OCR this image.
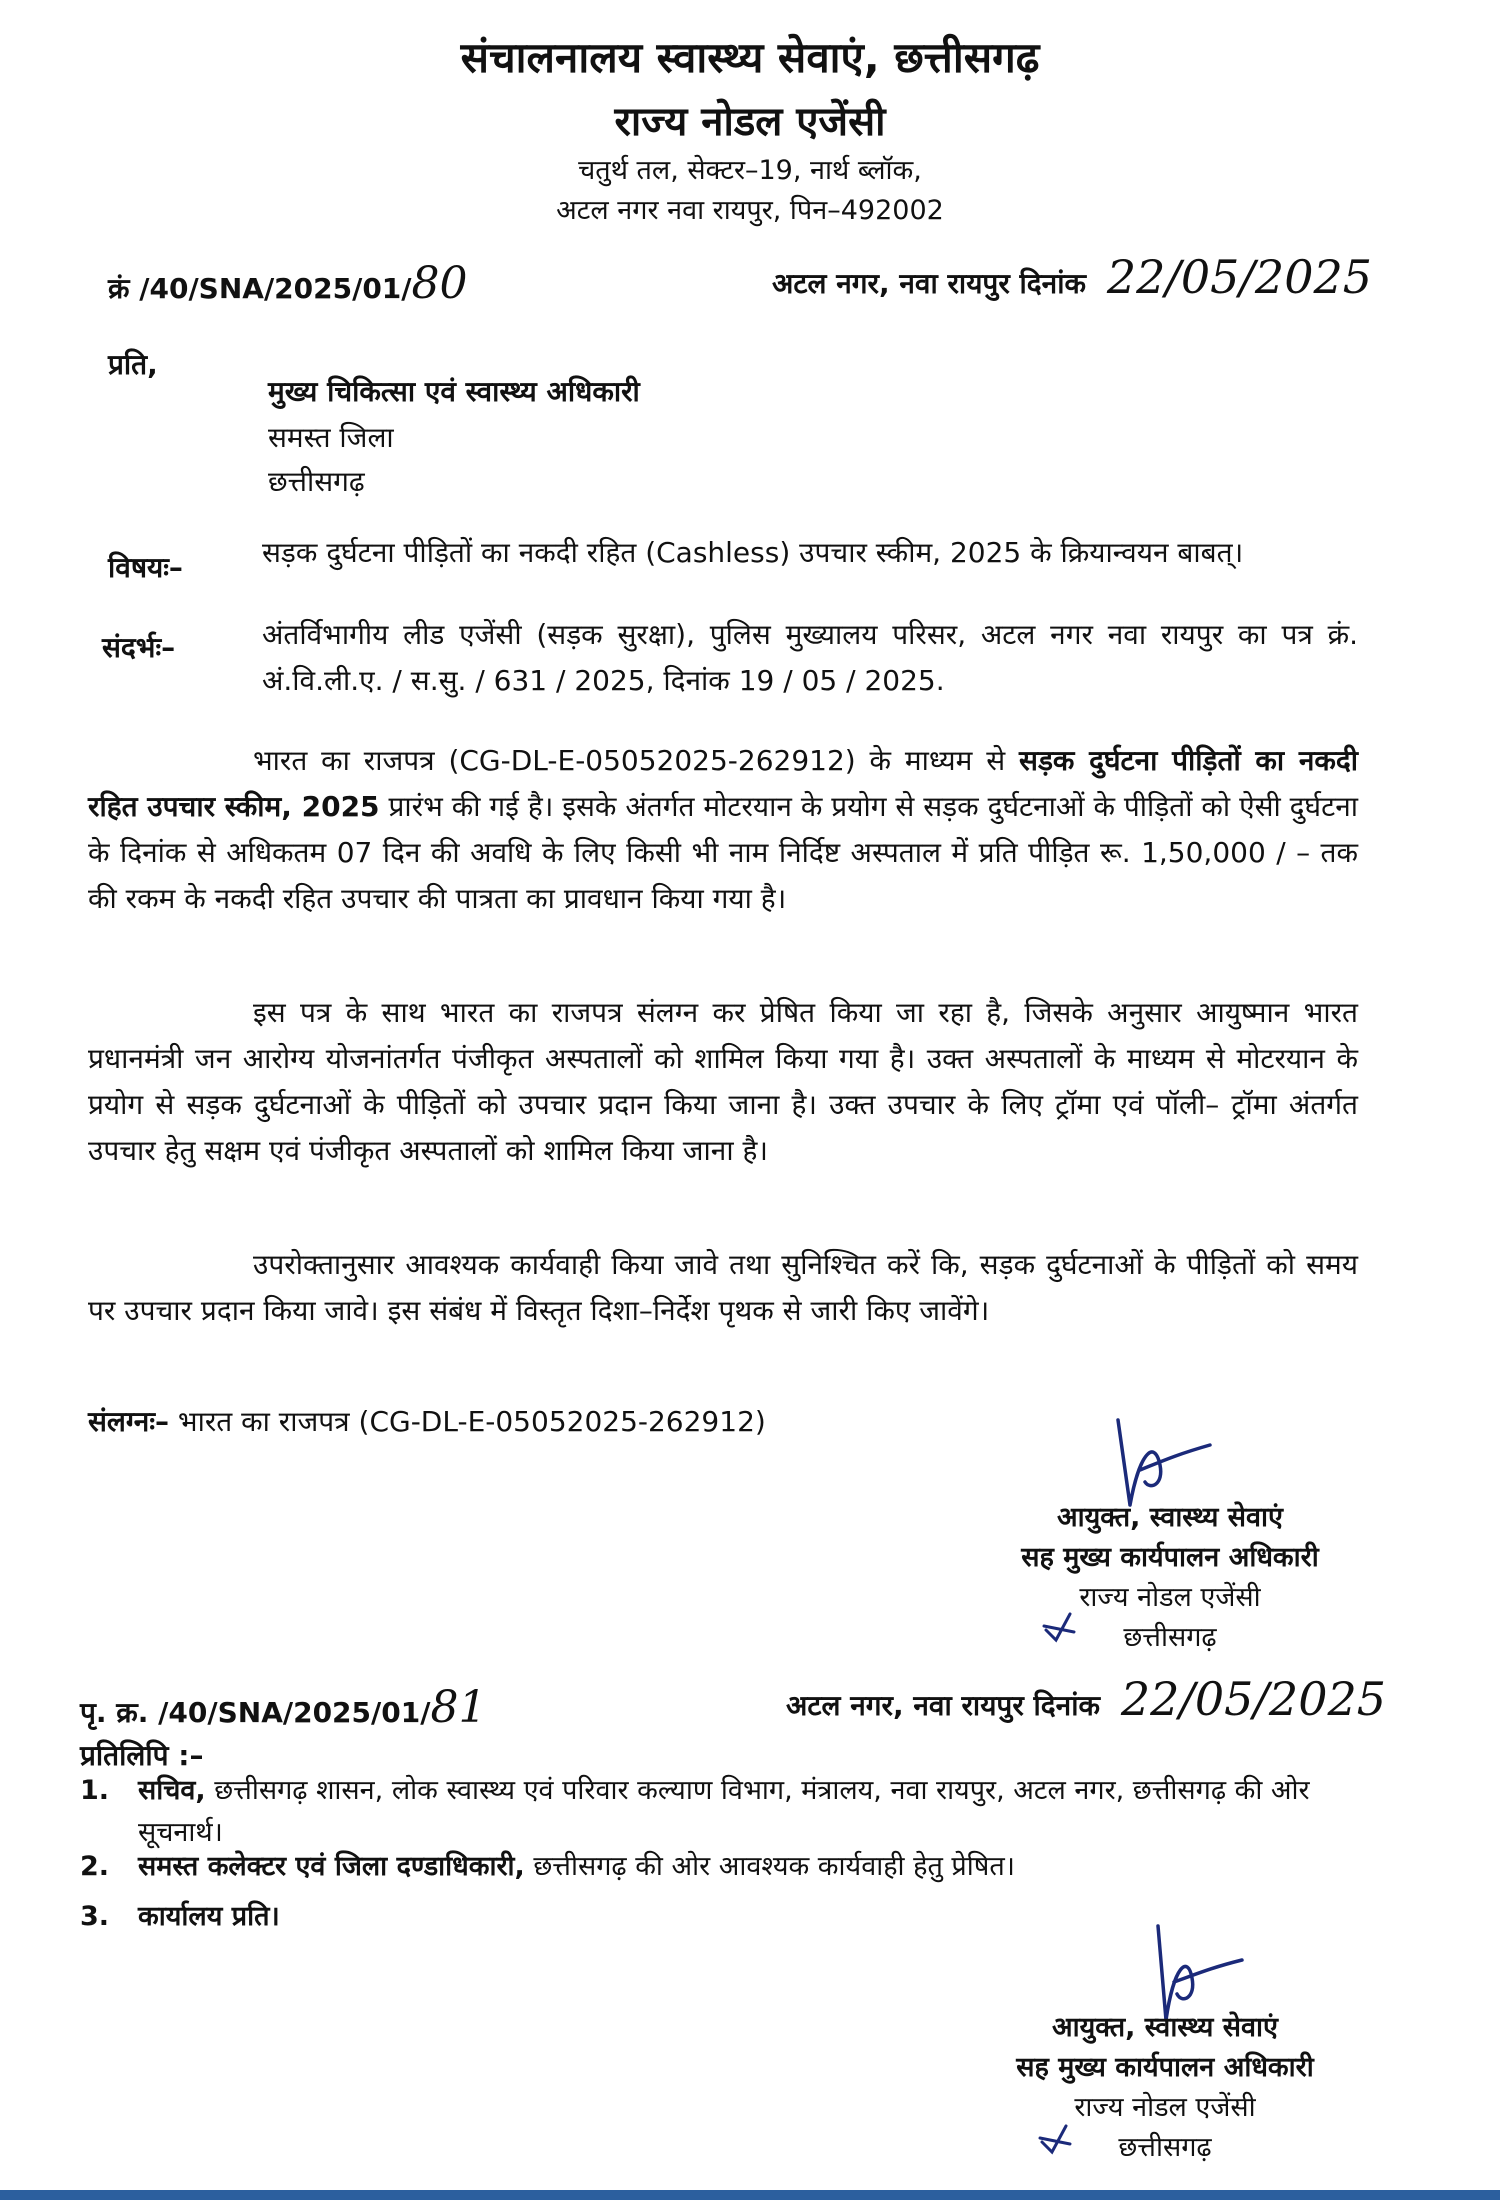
संचालनालय स्वास्थ्य सेवाएं, छत्तीसगढ़
राज्य नोडल एजेंसी
चतुर्थ तल, सेक्टर–19, नार्थ ब्लॉक,
अटल नगर नवा रायपुर, पिन–492002
क्रं /40/SNA/2025/01/80	अटल नगर, नवा रायपुर दिनांक 22/05/2025
प्रति,
मुख्य चिकित्सा एवं स्वास्थ्य अधिकारी
समस्त जिला
छत्तीसगढ़
विषयः–	सड़क दुर्घटना पीड़ितों का नकदी रहित (Cashless) उपचार स्कीम, 2025 के क्रियान्वयन बाबत्।
संदर्भः–	अंतर्विभागीय लीड एजेंसी (सड़क सुरक्षा), पुलिस मुख्यालय परिसर, अटल नगर नवा रायपुर का पत्र क्रं. अं.वि.ली.ए. / स.सु. / 631 / 2025, दिनांक 19 / 05 / 2025.
भारत का राजपत्र (CG-DL-E-05052025-262912) के माध्यम से सड़क दुर्घटना पीड़ितों का नकदी रहित उपचार स्कीम, 2025 प्रारंभ की गई है। इसके अंतर्गत मोटरयान के प्रयोग से सड़क दुर्घटनाओं के पीड़ितों को ऐसी दुर्घटना के दिनांक से अधिकतम 07 दिन की अवधि के लिए किसी भी नाम निर्दिष्ट अस्पताल में प्रति पीड़ित रू. 1,50,000 / – तक की रकम के नकदी रहित उपचार की पात्रता का प्रावधान किया गया है।
इस पत्र के साथ भारत का राजपत्र संलग्न कर प्रेषित किया जा रहा है, जिसके अनुसार आयुष्मान भारत प्रधानमंत्री जन आरोग्य योजनांतर्गत पंजीकृत अस्पतालों को शामिल किया गया है। उक्त अस्पतालों के माध्यम से मोटरयान के प्रयोग से सड़क दुर्घटनाओं के पीड़ितों को उपचार प्रदान किया जाना है। उक्त उपचार के लिए ट्रॉमा एवं पॉली– ट्रॉमा अंतर्गत उपचार हेतु सक्षम एवं पंजीकृत अस्पतालों को शामिल किया जाना है।
उपरोक्तानुसार आवश्यक कार्यवाही किया जावे तथा सुनिश्चित करें कि, सड़क दुर्घटनाओं के पीड़ितों को समय पर उपचार प्रदान किया जावे। इस संबंध में विस्तृत दिशा–निर्देश पृथक से जारी किए जावेंगे।
संलग्नः– भारत का राजपत्र (CG-DL-E-05052025-262912)
आयुक्त, स्वास्थ्य सेवाएं
सह मुख्य कार्यपालन अधिकारी
राज्य नोडल एजेंसी
छत्तीसगढ़
पृ. क्र. /40/SNA/2025/01/81	अटल नगर, नवा रायपुर दिनांक 22/05/2025
प्रतिलिपि :–
1. सचिव, छत्तीसगढ़ शासन, लोक स्वास्थ्य एवं परिवार कल्याण विभाग, मंत्रालय, नवा रायपुर, अटल नगर, छत्तीसगढ़ की ओर सूचनार्थ।
2. समस्त कलेक्टर एवं जिला दण्डाधिकारी, छत्तीसगढ़ की ओर आवश्यक कार्यवाही हेतु प्रेषित।
3. कार्यालय प्रति।
आयुक्त, स्वास्थ्य सेवाएं
सह मुख्य कार्यपालन अधिकारी
राज्य नोडल एजेंसी
छत्तीसगढ़
